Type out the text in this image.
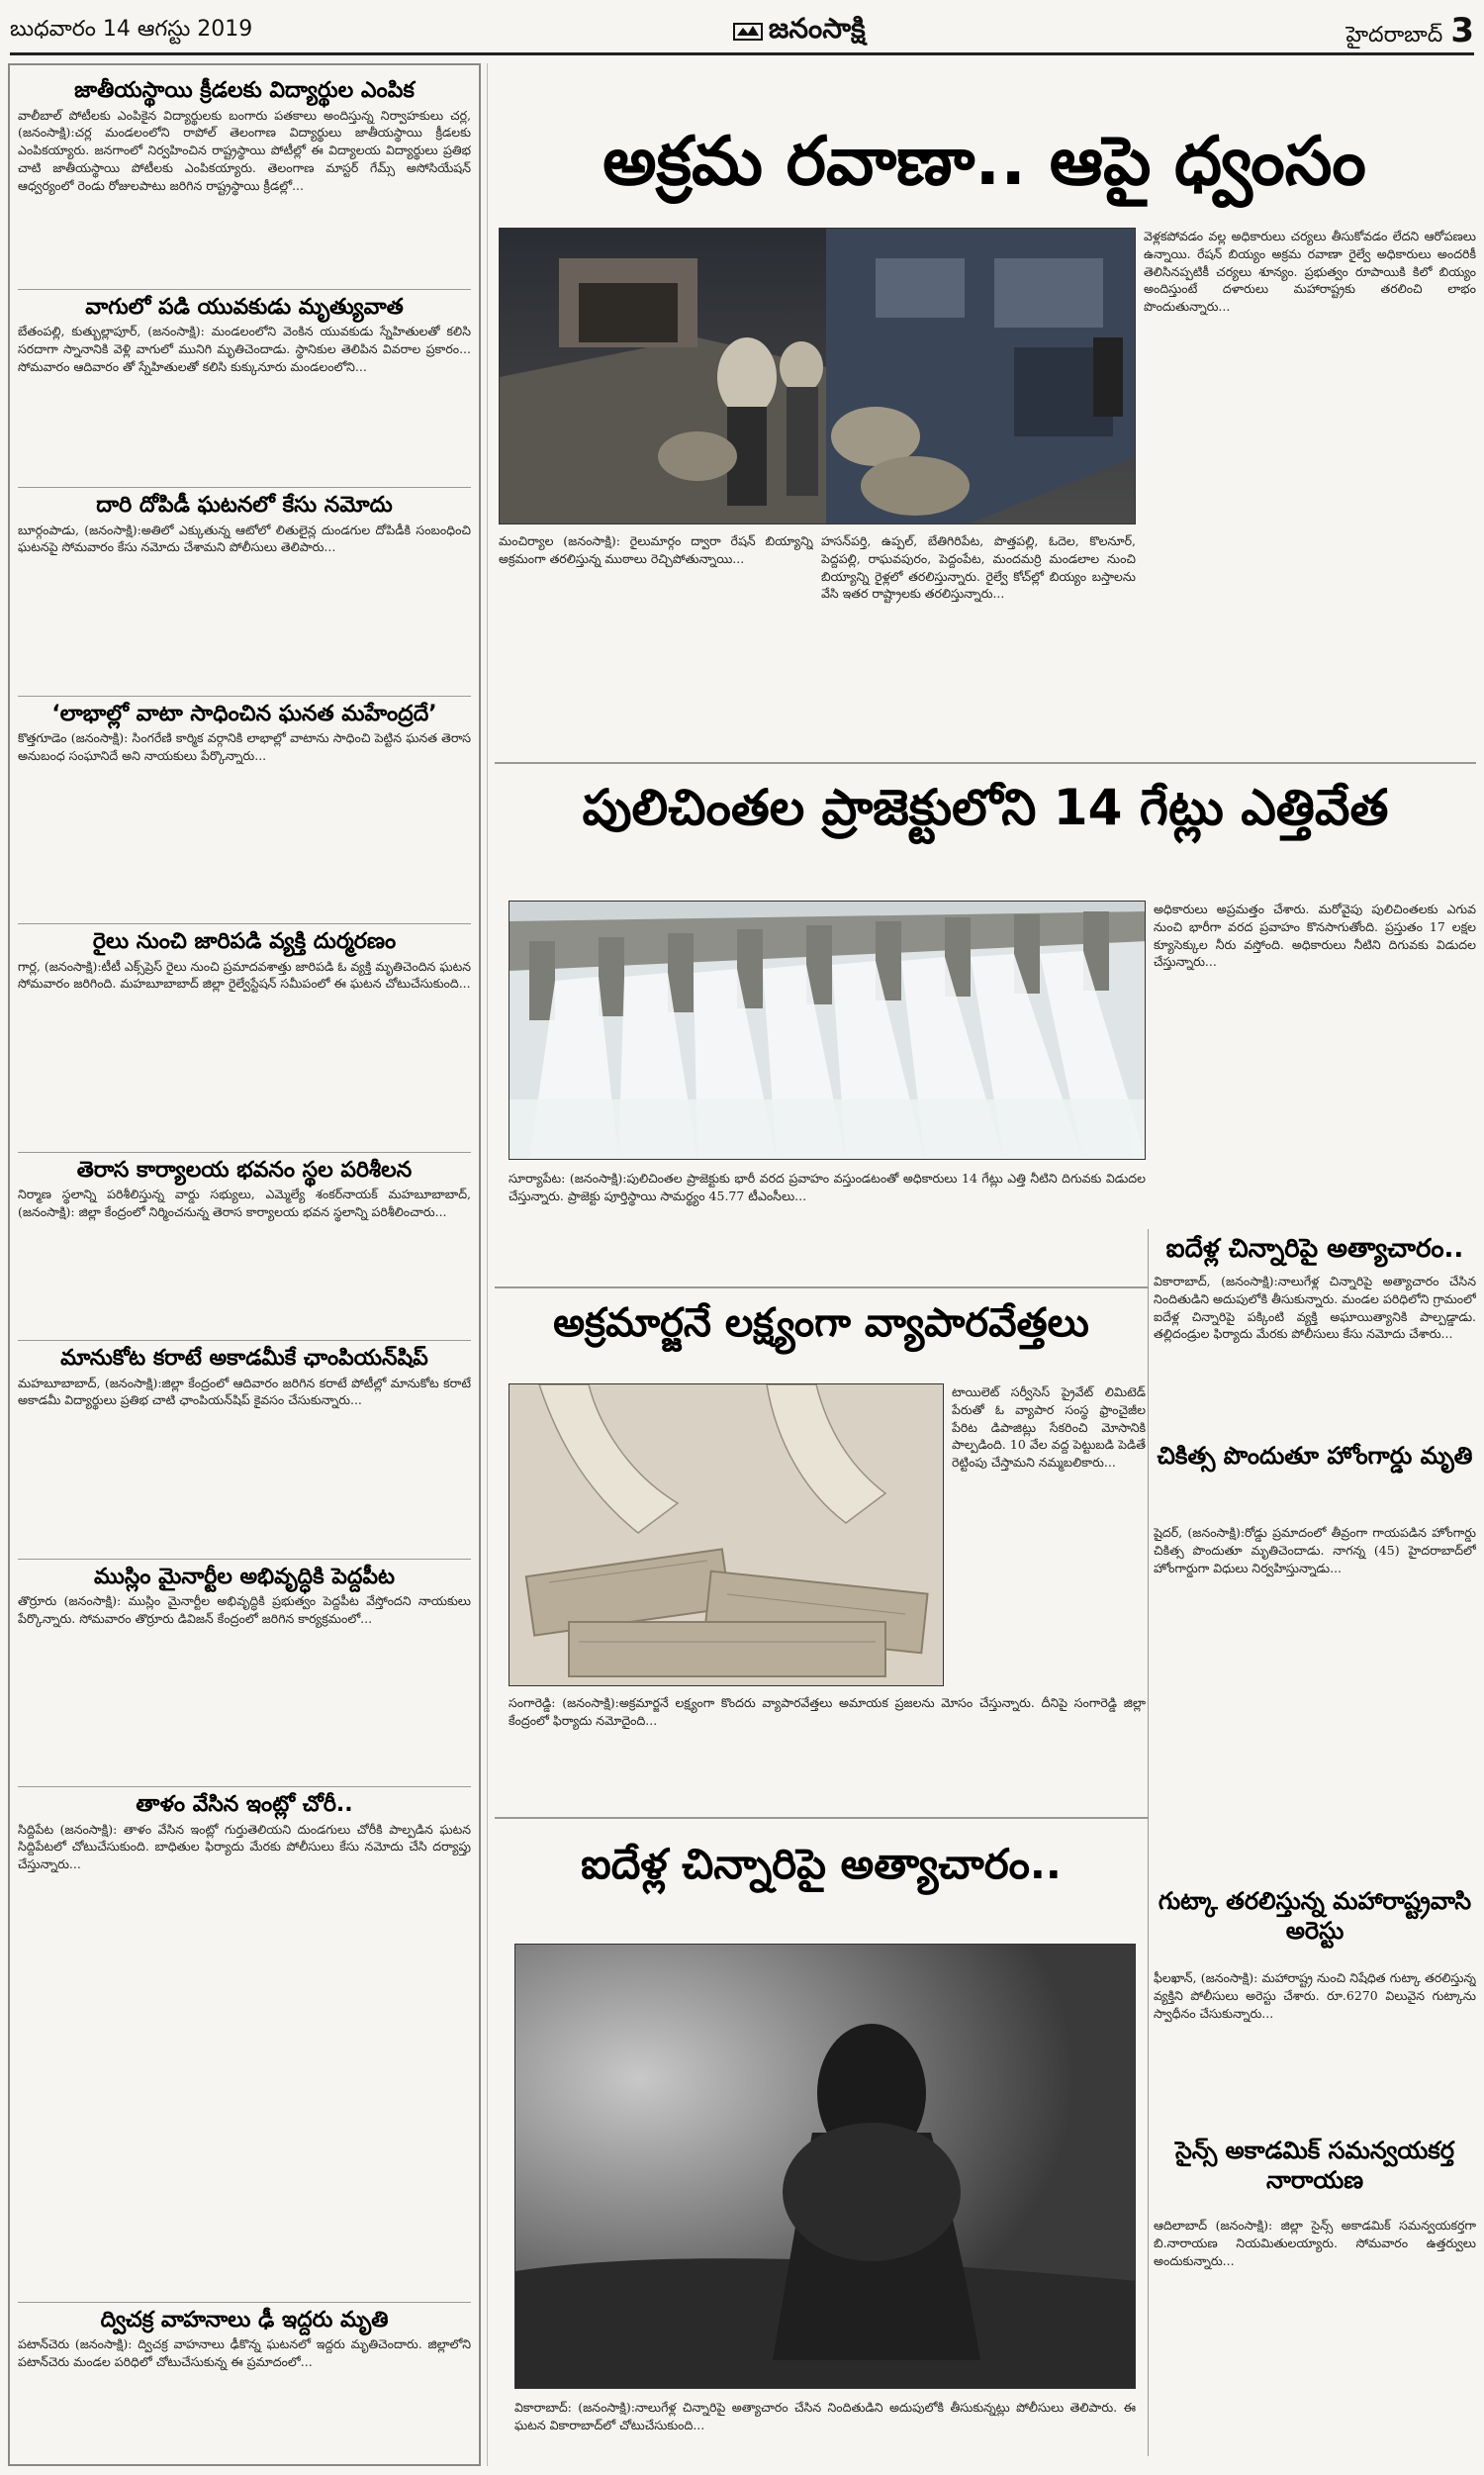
బుధవారం 14 ఆగస్టు 2019	జనంసాక్షి	హైదరాబాద్ 3
జాతీయస్థాయి క్రీడలకు విద్యార్థుల ఎంపిక
వాలీబాల్ పోటీలకు ఎంపికైన విద్యార్థులకు బంగారు పతకాలు అందిస్తున్న నిర్వాహకులు చర్ల, (జనంసాక్షి):చర్ల మండలంలోని రాపోల్ తెలంగాణ విద్యార్థులు జాతీయస్థాయి క్రీడలకు ఎంపికయ్యారు. జనగాంలో నిర్వహించిన రాష్ట్రస్థాయి పోటీల్లో ఈ విద్యాలయ విద్యార్థులు ప్రతిభ చాటి జాతీయస్థాయి పోటీలకు ఎంపికయ్యారు. తెలంగాణ మాస్టర్ గేమ్స్ అసోసియేషన్ ఆధ్వర్యంలో రెండు రోజులపాటు జరిగిన రాష్ట్రస్థాయి క్రీడల్లో...
వాగులో పడి యువకుడు మృత్యువాత
బేతంపల్లి, కుత్బుల్లాపూర్, (జనంసాక్షి): మండలంలోని వెంకిన యువకుడు స్నేహితులతో కలిసి సరదాగా స్నానానికి వెళ్లి వాగులో మునిగి మృతిచెందాడు. స్థానికుల తెలిపిన వివరాల ప్రకారం... సోమవారం ఆదివారం తో స్నేహితులతో కలిసి కుక్కునూరు మండలంలోని...
దారి దోపిడీ ఘటనలో కేసు నమోదు
బూర్గంపాడు, (జనంసాక్షి):అతిలో ఎక్కుతున్న ఆటోలో లితులైన్ల దుండగుల దోపిడీకి సంబంధించి ఘటనపై సోమవారం కేసు నమోదు చేశామని పోలీసులు తెలిపారు...
‘లాభాల్లో వాటా సాధించిన ఘనత మహేంద్రదే’
కొత్తగూడెం (జనంసాక్షి): సింగరేణి కార్మిక వర్గానికి లాభాల్లో వాటాను సాధించి పెట్టిన ఘనత తెరాస అనుబంధ సంఘానిదే అని నాయకులు పేర్కొన్నారు...
రైలు నుంచి జారిపడి వ్యక్తి దుర్మరణం
గార్ల, (జనంసాక్షి):టీటీ ఎక్స్‌ప్రెస్ రైలు నుంచి ప్రమాదవశాత్తు జారిపడి ఓ వ్యక్తి మృతిచెందిన ఘటన సోమవారం జరిగింది. మహబూబాబాద్ జిల్లా రైల్వేస్టేషన్ సమీపంలో ఈ ఘటన చోటుచేసుకుంది...
తెరాస కార్యాలయ భవనం స్థల పరిశీలన
నిర్మాణ స్థలాన్ని పరిశీలిస్తున్న వార్డు సభ్యులు, ఎమ్మెల్యే శంకర్‌నాయక్ మహబూబాబాద్, (జనంసాక్షి): జిల్లా కేంద్రంలో నిర్మించనున్న తెరాస కార్యాలయ భవన స్థలాన్ని పరిశీలించారు...
మానుకోట కరాటే అకాడమీకే ఛాంపియన్‌షిప్
మహబూబాబాద్, (జనంసాక్షి):జిల్లా కేంద్రంలో ఆదివారం జరిగిన కరాటే పోటీల్లో మానుకోట కరాటే అకాడమీ విద్యార్థులు ప్రతిభ చాటి ఛాంపియన్‌షిప్ కైవసం చేసుకున్నారు...
ముస్లిం మైనార్టీల అభివృద్ధికి పెద్దపీట
తొర్రూరు (జనంసాక్షి): ముస్లిం మైనార్టీల అభివృద్ధికి ప్రభుత్వం పెద్దపీట వేస్తోందని నాయకులు పేర్కొన్నారు. సోమవారం తొర్రూరు డివిజన్ కేంద్రంలో జరిగిన కార్యక్రమంలో...
తాళం వేసిన ఇంట్లో చోరీ..
సిద్దిపేట (జనంసాక్షి): తాళం వేసిన ఇంట్లో గుర్తుతెలియని దుండగులు చోరీకి పాల్పడిన ఘటన సిద్దిపేటలో చోటుచేసుకుంది. బాధితుల ఫిర్యాదు మేరకు పోలీసులు కేసు నమోదు చేసి దర్యాప్తు చేస్తున్నారు...
ద్విచక్ర వాహనాలు ఢీ ఇద్దరు మృతి
పటాన్‌చెరు (జనంసాక్షి): ద్విచక్ర వాహనాలు ఢీకొన్న ఘటనలో ఇద్దరు మృతిచెందారు. జిల్లాలోని పటాన్‌చెరు మండల పరిధిలో చోటుచేసుకున్న ఈ ప్రమాదంలో...
అక్రమ రవాణా.. ఆపై ధ్వంసం
వెళ్లకపోవడం వల్ల అధికారులు చర్యలు తీసుకోవడం లేదని ఆరోపణలు ఉన్నాయి. రేషన్ బియ్యం అక్రమ రవాణా రైల్వే అధికారులు అందరికీ తెలిసినప్పటికీ చర్యలు శూన్యం. ప్రభుత్వం రూపాయికి కిలో బియ్యం అందిస్తుంటే దళారులు మహారాష్ట్రకు తరలించి లాభం పొందుతున్నారు...
మంచిర్యాల (జనంసాక్షి): రైలుమార్గం ద్వారా రేషన్ బియ్యాన్ని అక్రమంగా తరలిస్తున్న ముఠాలు రెచ్చిపోతున్నాయి...
హసన్‌పర్తి, ఉప్పల్, బేతిగిరిపేట, పొత్తపల్లి, ఓదెల, కొలనూర్, పెద్దపల్లి, రాఘవపురం, పెద్దంపేట, మందమర్రి మండలాల నుంచి బియ్యాన్ని రైళ్లలో తరలిస్తున్నారు. రైల్వే కోచ్‌ల్లో బియ్యం బస్తాలను వేసి ఇతర రాష్ట్రాలకు తరలిస్తున్నారు...
పులిచింతల ప్రాజెక్టులోని 14 గేట్లు ఎత్తివేత
అధికారులు అప్రమత్తం చేశారు. మరోవైపు పులిచింతలకు ఎగువ నుంచి భారీగా వరద ప్రవాహం కొనసాగుతోంది. ప్రస్తుతం 17 లక్షల క్యూసెక్కుల నీరు వస్తోంది. అధికారులు నీటిని దిగువకు విడుదల చేస్తున్నారు...
సూర్యాపేట: (జనంసాక్షి):పులిచింతల ప్రాజెక్టుకు భారీ వరద ప్రవాహం వస్తుండటంతో అధికారులు 14 గేట్లు ఎత్తి నీటిని దిగువకు విడుదల చేస్తున్నారు. ప్రాజెక్టు పూర్తిస్థాయి సామర్థ్యం 45.77 టీఎంసీలు...
ఐదేళ్ల చిన్నారిపై అత్యాచారం..
వికారాబాద్, (జనంసాక్షి):నాలుగేళ్ల చిన్నారిపై అత్యాచారం చేసిన నిందితుడిని అదుపులోకి తీసుకున్నారు. మండల పరిధిలోని గ్రామంలో ఐదేళ్ల చిన్నారిపై పక్కింటి వ్యక్తి అఘాయిత్యానికి పాల్పడ్డాడు. తల్లిదండ్రుల ఫిర్యాదు మేరకు పోలీసులు కేసు నమోదు చేశారు...
చికిత్స పొందుతూ హోంగార్డు మృతి
షైదర్, (జనంసాక్షి):రోడ్డు ప్రమాదంలో తీవ్రంగా గాయపడిన హోంగార్డు చికిత్స పొందుతూ మృతిచెందాడు. నాగన్న (45) హైదరాబాద్‌లో హోంగార్డుగా విధులు నిర్వహిస్తున్నాడు...
గుట్కా తరలిస్తున్న మహారాష్ట్రవాసి అరెస్టు
ఫీలఖాన్, (జనంసాక్షి): మహారాష్ట్ర నుంచి నిషేధిత గుట్కా తరలిస్తున్న వ్యక్తిని పోలీసులు అరెస్టు చేశారు. రూ.6270 విలువైన గుట్కాను స్వాధీనం చేసుకున్నారు...
సైన్స్ అకాడమిక్ సమన్వయకర్త నారాయణ
ఆదిలాబాద్ (జనంసాక్షి): జిల్లా సైన్స్ అకాడమిక్ సమన్వయకర్తగా బి.నారాయణ నియమితులయ్యారు. సోమవారం ఉత్తర్వులు అందుకున్నారు...
అక్రమార్జనే లక్ష్యంగా వ్యాపారవేత్తలు
టాయిలెట్ సర్వీసెస్ ప్రైవేట్ లిమిటెడ్ పేరుతో ఓ వ్యాపార సంస్థ ఫ్రాంచైజీల పేరిట డిపాజిట్లు సేకరించి మోసానికి పాల్పడింది. 10 వేల వద్ద పెట్టుబడి పెడితే రెట్టింపు చేస్తామని నమ్మబలికారు...
సంగారెడ్డి: (జనంసాక్షి):అక్రమార్జనే లక్ష్యంగా కొందరు వ్యాపారవేత్తలు అమాయక ప్రజలను మోసం చేస్తున్నారు. దీనిపై సంగారెడ్డి జిల్లా కేంద్రంలో ఫిర్యాదు నమోదైంది...
ఐదేళ్ల చిన్నారిపై అత్యాచారం..
వికారాబాద్: (జనంసాక్షి):నాలుగేళ్ల చిన్నారిపై అత్యాచారం చేసిన నిందితుడిని అదుపులోకి తీసుకున్నట్లు పోలీసులు తెలిపారు. ఈ ఘటన వికారాబాద్‌లో చోటుచేసుకుంది...
